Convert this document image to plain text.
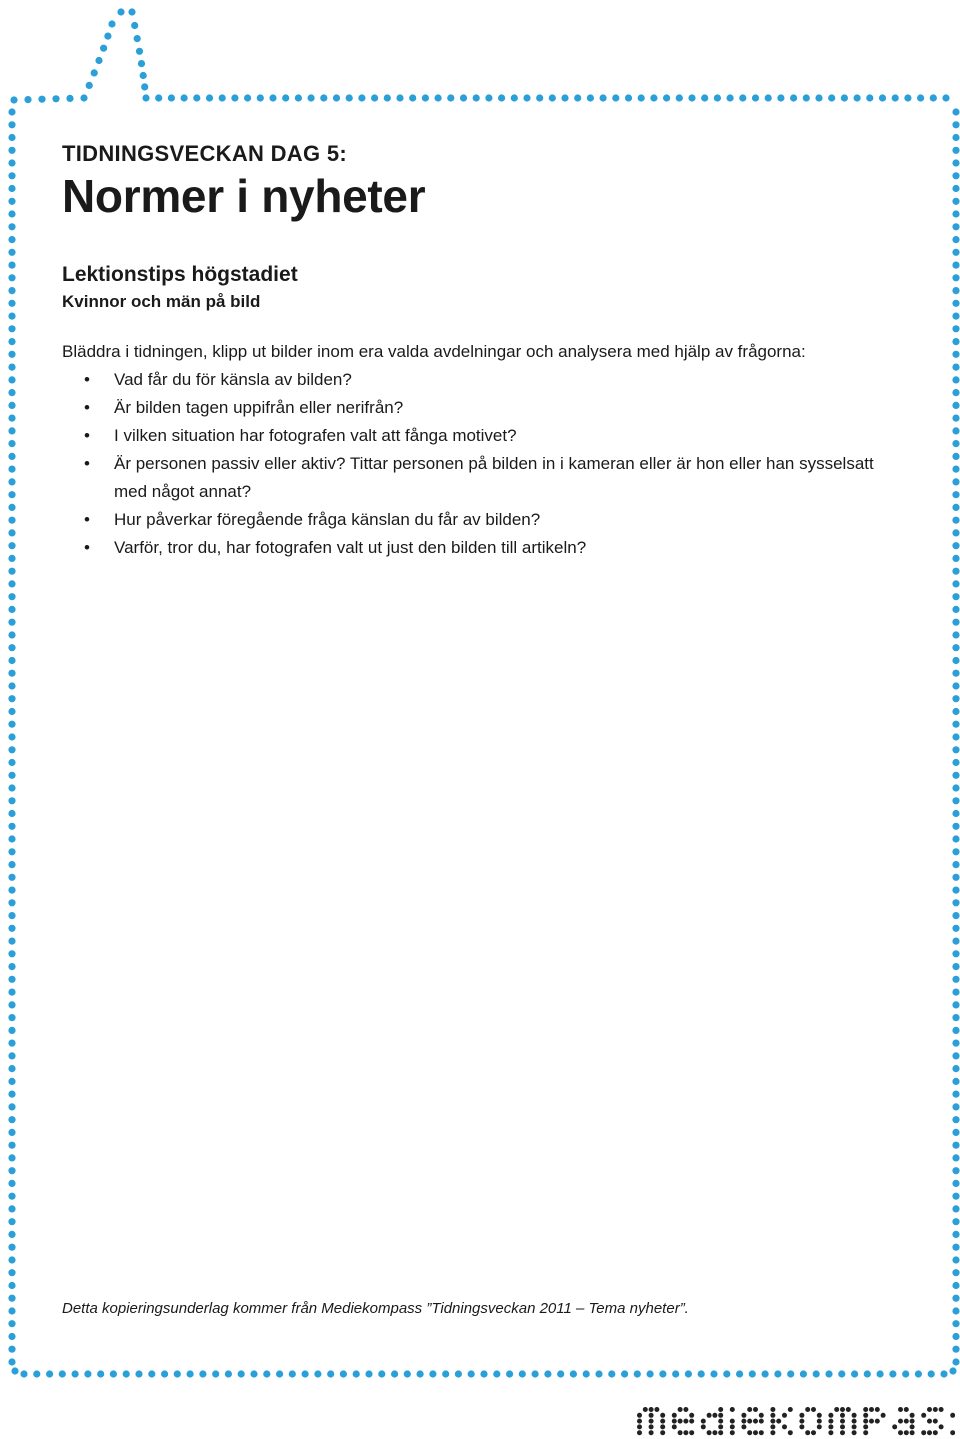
TIDNINGSVECKAN DAG 5:
Normer i nyheter
Lektionstips högstadiet
Kvinnor och män på bild

Bläddra i tidningen, klipp ut bilder inom era valda avdelningar och analysera med hjälp av frågorna:

• Vad får du för känsla av bilden?
• Är bilden tagen uppifrån eller nerifrån?
• I vilken situation har fotografen valt att fånga motivet?
• Är personen passiv eller aktiv? Tittar personen på bilden in i kameran eller är hon eller han sysselsatt med något annat?
• Hur påverkar föregående fråga känslan du får av bilden?
• Varför, tror du, har fotografen valt ut just den bilden till artikeln?

Detta kopieringsunderlag kommer från Mediekompass ”Tidningsveckan 2011 – Tema nyheter”.
